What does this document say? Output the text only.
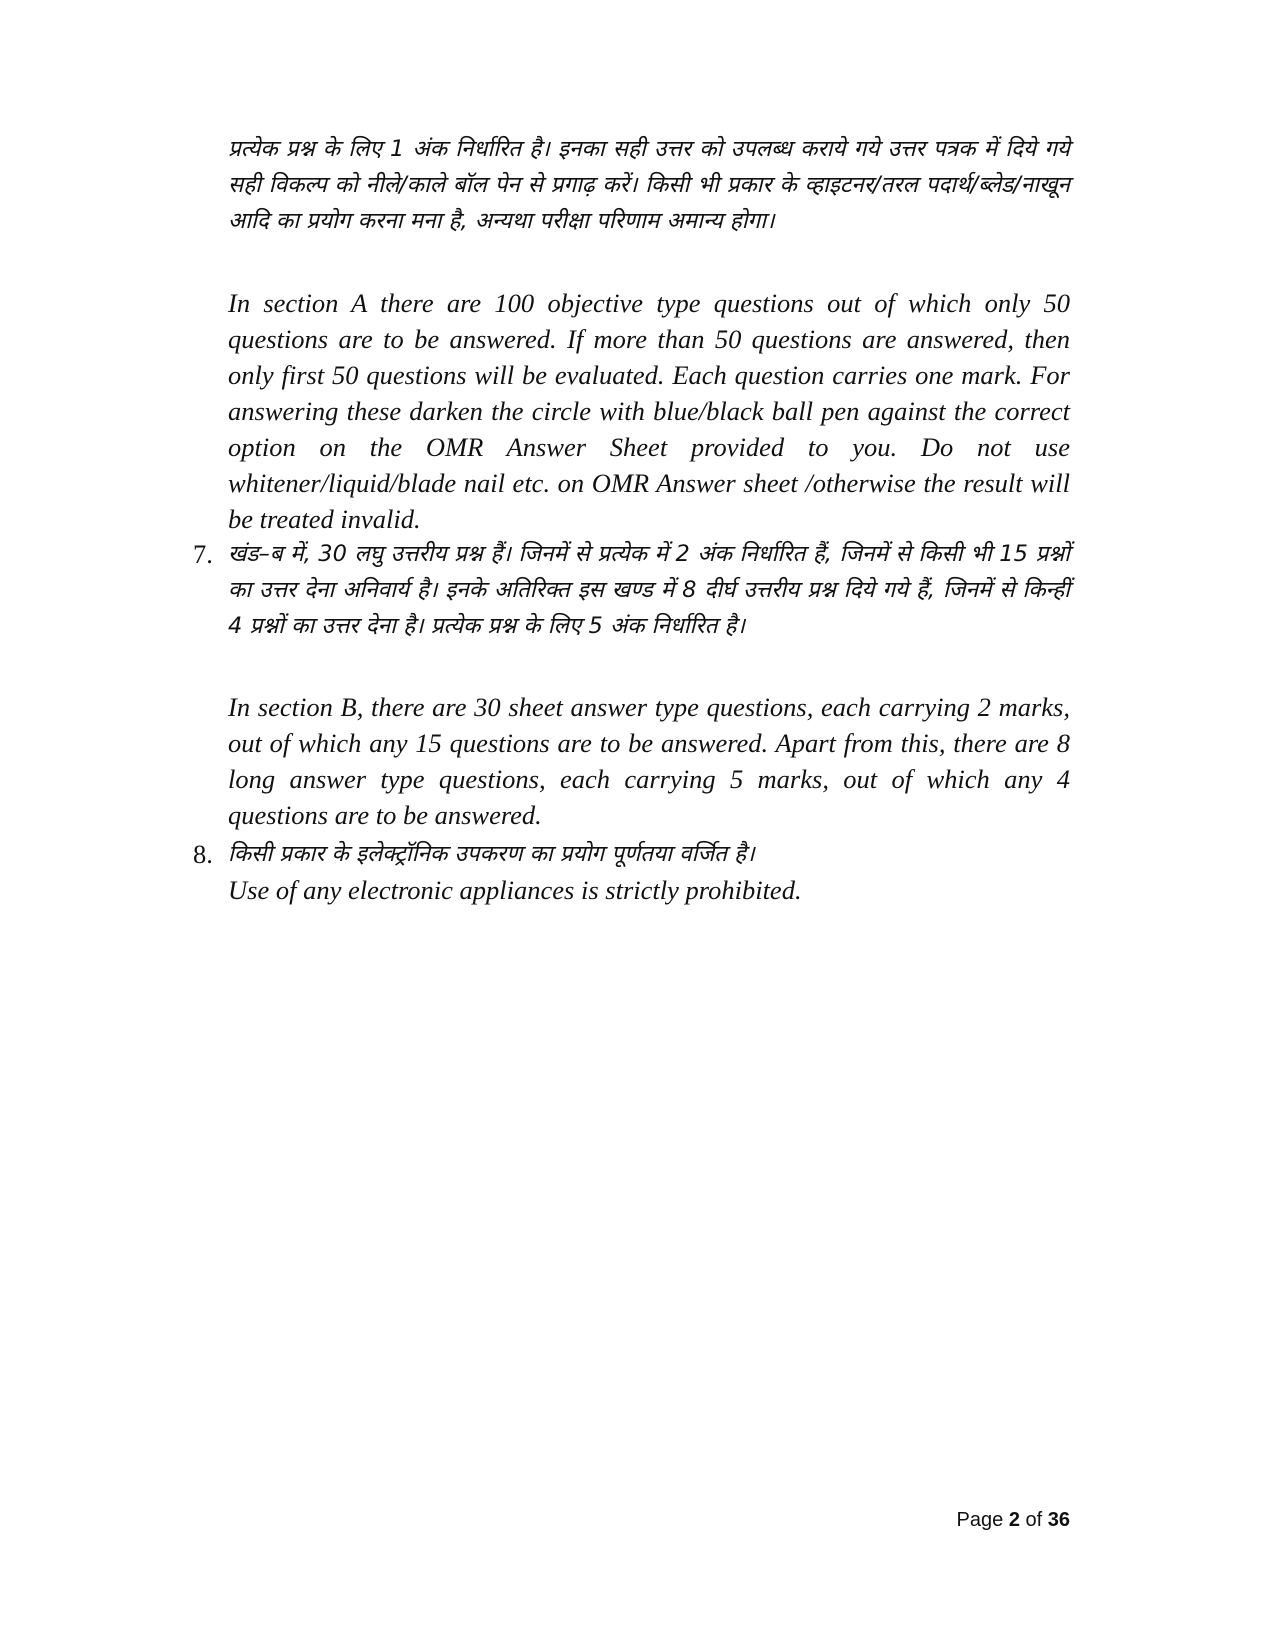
प्रत्येक प्रश्न के लिए 1 अंक निर्धारित है। इनका सही उत्तर को उपलब्ध कराये गये उत्तर पत्रक में दिये गये सही विकल्प को नीले/काले बॉल पेन से प्रगाढ़ करें। किसी भी प्रकार के व्हाइटनर/तरल पदार्थ/ब्लेड/नाखून आदि का प्रयोग करना मना है, अन्यथा परीक्षा परिणाम अमान्य होगा।
In section A there are 100 objective type questions out of which only 50 questions are to be answered. If more than 50 questions are answered, then only first 50 questions will be evaluated. Each question carries one mark. For answering these darken the circle with blue/black ball pen against the correct option on the OMR Answer Sheet provided to you. Do not use whitener/liquid/blade nail etc. on OMR Answer sheet /otherwise the result will be treated invalid.
7. खंड–ब में, 30 लघु उत्तरीय प्रश्न हैं। जिनमें से प्रत्येक में 2 अंक निर्धारित हैं, जिनमें से किसी भी 15 प्रश्नों का उत्तर देना अनिवार्य है। इनके अतिरिक्त इस खण्ड में 8 दीर्घ उत्तरीय प्रश्न दिये गये हैं, जिनमें से किन्हीं 4 प्रश्नों का उत्तर देना है। प्रत्येक प्रश्न के लिए 5 अंक निर्धारित है।
In section B, there are 30 sheet answer type questions, each carrying 2 marks, out of which any 15 questions are to be answered. Apart from this, there are 8 long answer type questions, each carrying 5 marks, out of which any 4 questions are to be answered.
8. किसी प्रकार के इलेक्ट्रॉनिक उपकरण का प्रयोग पूर्णतया वर्जित है।
Use of any electronic appliances is strictly prohibited.
Page 2 of 36
